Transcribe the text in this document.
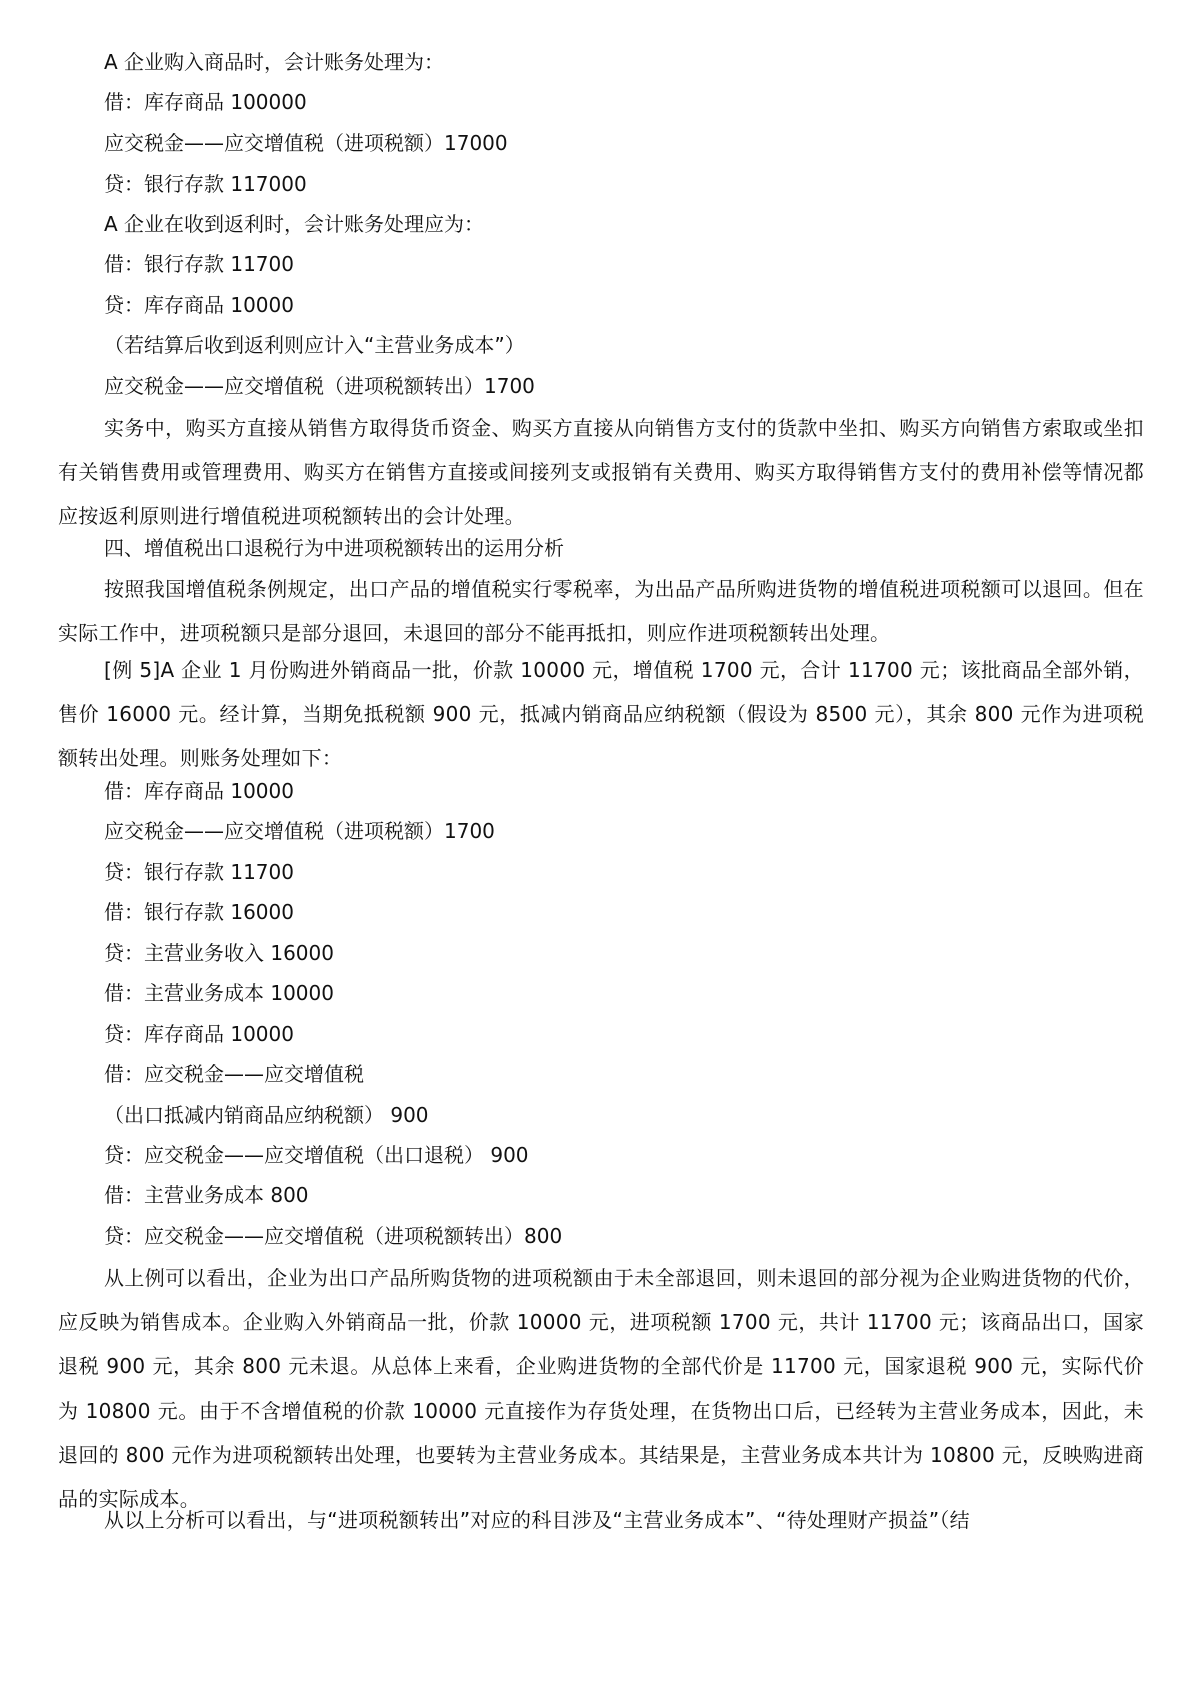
A 企业购入商品时，会计账务处理为：
借：库存商品 100000
应交税金——应交增值税（进项税额）17000
贷：银行存款 117000
A 企业在收到返利时，会计账务处理应为：
借：银行存款 11700
贷：库存商品 10000
（若结算后收到返利则应计入“主营业务成本”）
应交税金——应交增值税（进项税额转出）1700
实务中，购买方直接从销售方取得货币资金、购买方直接从向销售方支付的货款中坐扣、购买方向销售方索取或坐扣有关销售费用或管理费用、购买方在销售方直接或间接列支或报销有关费用、购买方取得销售方支付的费用补偿等情况都应按返利原则进行增值税进项税额转出的会计处理。
四、增值税出口退税行为中进项税额转出的运用分析
按照我国增值税条例规定，出口产品的增值税实行零税率，为出品产品所购进货物的增值税进项税额可以退回。但在实际工作中，进项税额只是部分退回，未退回的部分不能再抵扣，则应作进项税额转出处理。
[例 5]A 企业 1 月份购进外销商品一批，价款 10000 元，增值税 1700 元，合计 11700 元；该批商品全部外销，售价 16000 元。经计算，当期免抵税额 900 元，抵减内销商品应纳税额（假设为 8500 元），其余 800 元作为进项税额转出处理。则账务处理如下：
借：库存商品 10000
应交税金——应交增值税（进项税额）1700
贷：银行存款 11700
借：银行存款 16000
贷：主营业务收入 16000
借：主营业务成本 10000
贷：库存商品 10000
借：应交税金——应交增值税
（出口抵减内销商品应纳税额） 900
贷：应交税金——应交增值税（出口退税） 900
借：主营业务成本 800
贷：应交税金——应交增值税（进项税额转出）800
从上例可以看出，企业为出口产品所购货物的进项税额由于未全部退回，则未退回的部分视为企业购进货物的代价，应反映为销售成本。企业购入外销商品一批，价款 10000 元，进项税额 1700 元，共计 11700 元；该商品出口，国家退税 900 元，其余 800 元未退。从总体上来看，企业购进货物的全部代价是 11700 元，国家退税 900 元，实际代价为 10800 元。由于不含增值税的价款 10000 元直接作为存货处理，在货物出口后，已经转为主营业务成本，因此，未退回的 800 元作为进项税额转出处理，也要转为主营业务成本。其结果是，主营业务成本共计为 10800 元，反映购进商品的实际成本。
从以上分析可以看出，与“进项税额转出”对应的科目涉及“主营业务成本”、“待处理财产损益”（结
